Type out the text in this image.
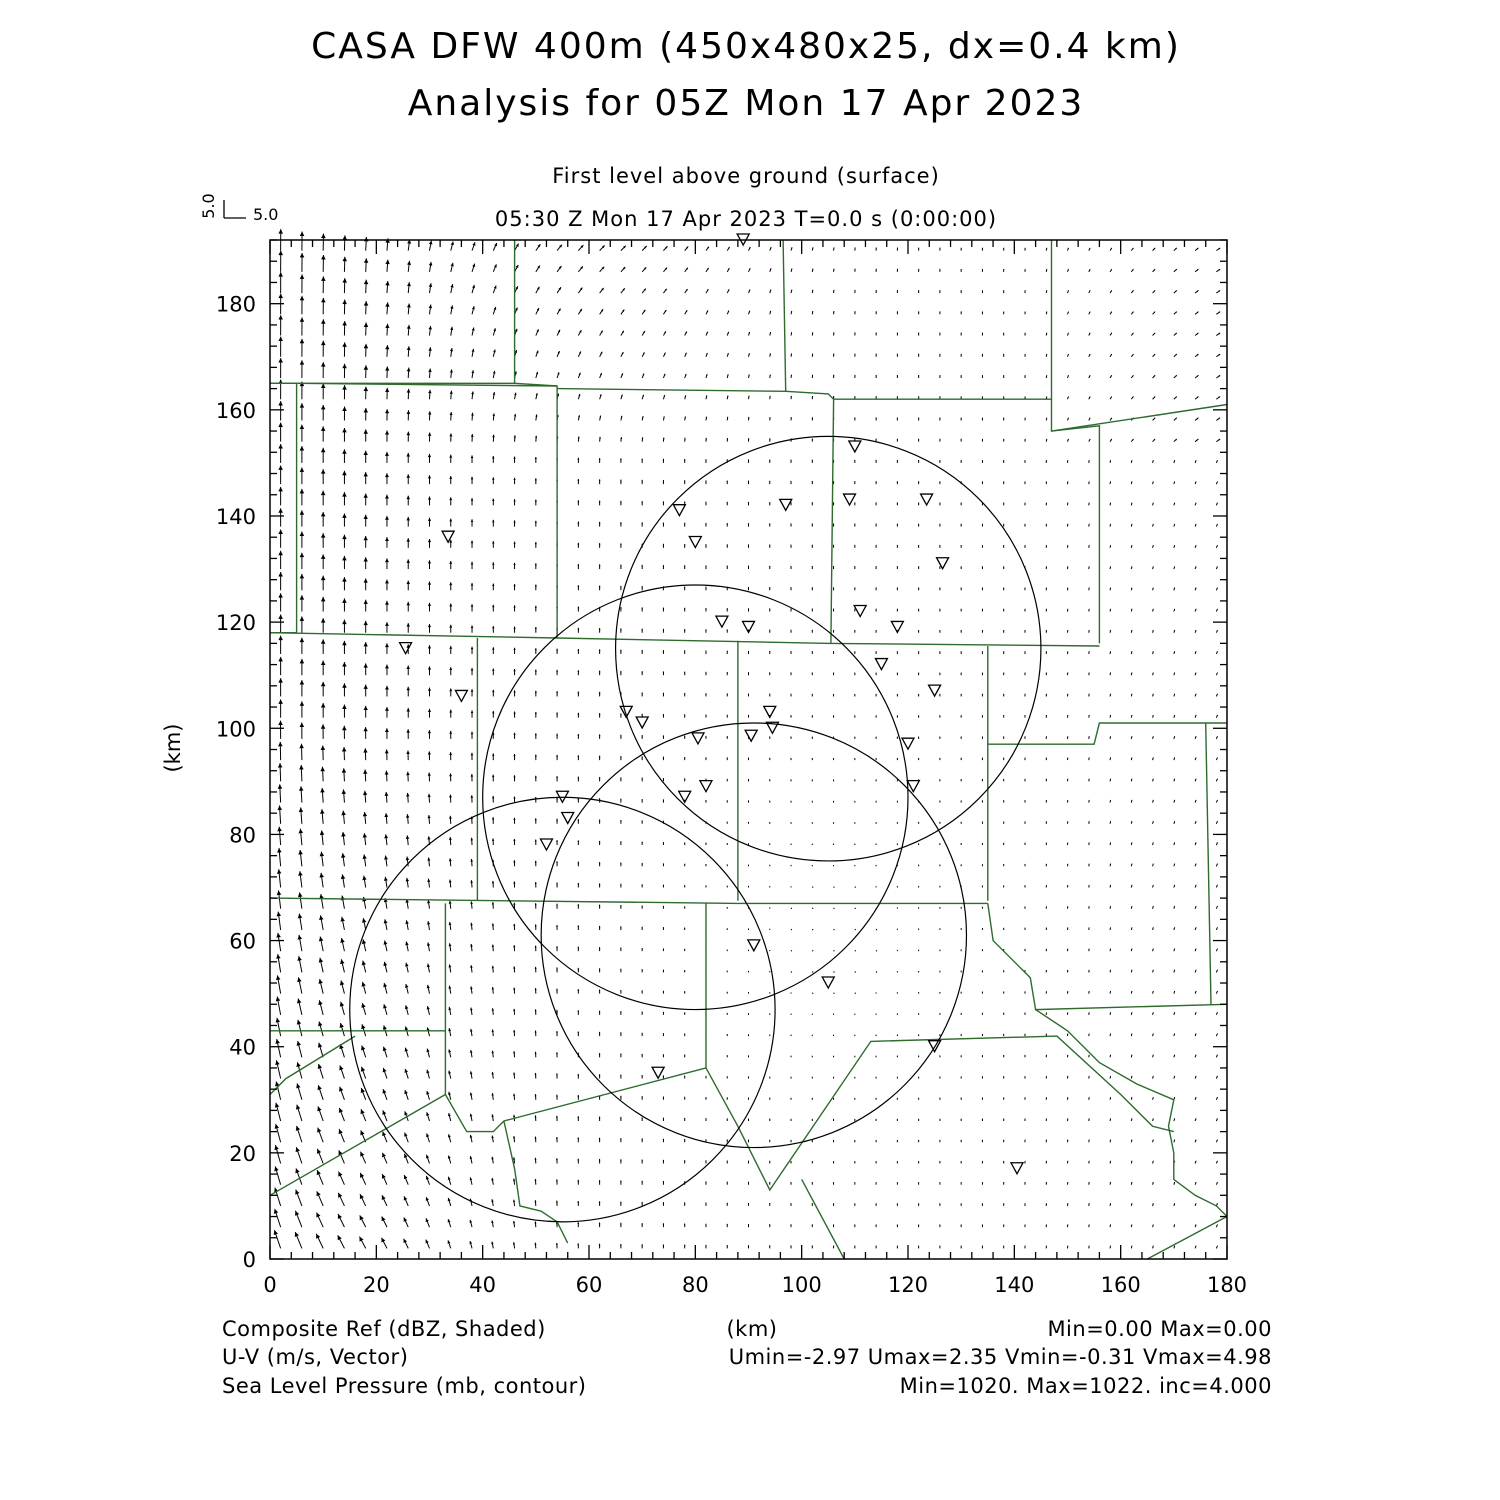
CASA DFW 400m (450x480x25, dx=0.4 km)
Analysis for 05Z Mon 17 Apr 2023
First level above ground (surface)
05:30 Z Mon 17 Apr 2023 T=0.0 s (0:00:00)
5.0 5.0
(km)
Composite Ref (dBZ, Shaded)	(km)	Min=0.00 Max=0.00
U-V (m/s, Vector)	Umin=-2.97 Umax=2.35 Vmin=-0.31 Vmax=4.98
Sea Level Pressure (mb, contour)	Min=1020. Max=1022. inc=4.000
0	20	40	60	80	100	120	140	160	180
0
20
40
60
80
100
120
140
160
180
